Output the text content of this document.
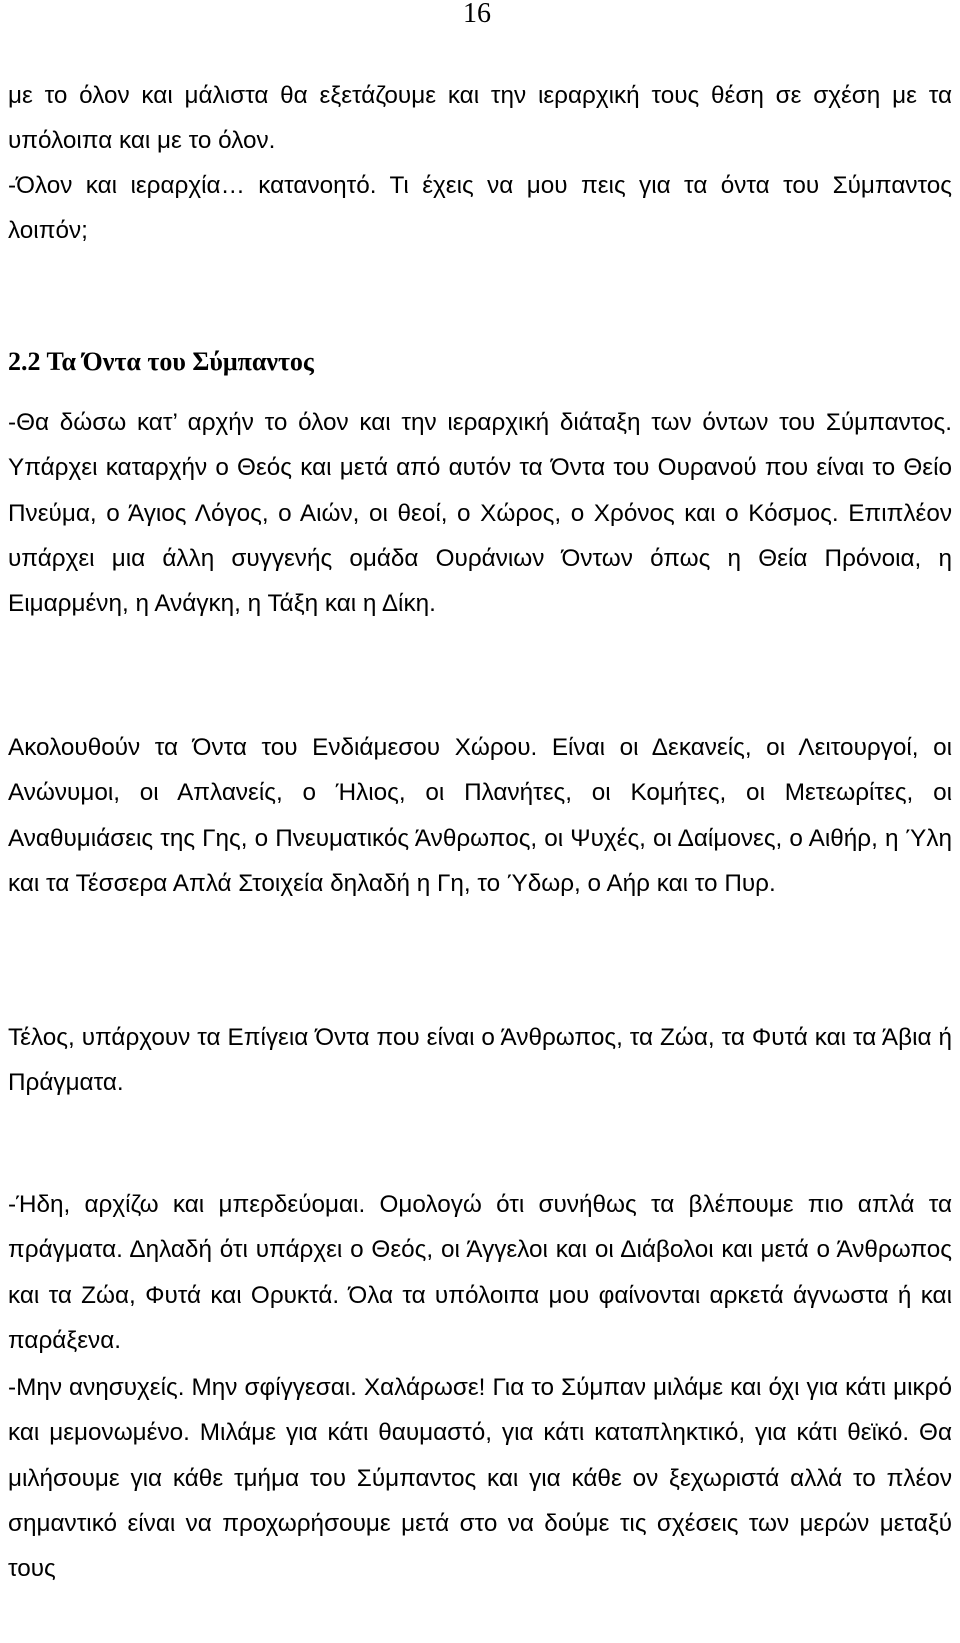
16

με το όλον και μάλιστα θα εξετάζουμε και την ιεραρχική τους θέση σε σχέση με τα υπόλοιπα και με το όλον.

-Όλον και ιεραρχία… κατανοητό. Τι έχεις να μου πεις για τα όντα του Σύμπαντος λοιπόν;

2.2 Τα Όντα του Σύμπαντος

-Θα δώσω κατ’ αρχήν το όλον και την ιεραρχική διάταξη των όντων του Σύμπαντος. Υπάρχει καταρχήν ο Θεός και μετά από αυτόν τα Όντα του Ουρανού που είναι το Θείο Πνεύμα, ο Άγιος Λόγος, ο Αιών, οι θεοί, ο Χώρος, ο Χρόνος και ο Κόσμος. Επιπλέον υπάρχει μια άλλη συγγενής ομάδα Ουράνιων Όντων όπως η Θεία Πρόνοια, η Ειμαρμένη, η Ανάγκη, η Τάξη και η Δίκη.

Ακολουθούν τα Όντα του Ενδιάμεσου Χώρου. Είναι οι Δεκανείς, οι Λειτουργοί, οι Ανώνυμοι, οι Απλανείς, ο Ήλιος, οι Πλανήτες, οι Κομήτες, οι Μετεωρίτες, οι Αναθυμιάσεις της Γης, ο Πνευματικός Άνθρωπος, οι Ψυχές, οι Δαίμονες, ο Αιθήρ, η Ύλη και τα Τέσσερα Απλά Στοιχεία δηλαδή η Γη, το Ύδωρ, ο Αήρ και το Πυρ.

Τέλος, υπάρχουν τα Επίγεια Όντα που είναι ο Άνθρωπος, τα Ζώα, τα Φυτά και τα Άβια ή Πράγματα.

-Ήδη, αρχίζω και μπερδεύομαι. Ομολογώ ότι συνήθως τα βλέπουμε πιο απλά τα πράγματα. Δηλαδή ότι υπάρχει ο Θεός, οι Άγγελοι και οι Διάβολοι και μετά ο Άνθρωπος και τα Ζώα, Φυτά και Ορυκτά. Όλα τα υπόλοιπα μου φαίνονται αρκετά άγνωστα ή και παράξενα.

-Μην ανησυχείς. Μην σφίγγεσαι. Χαλάρωσε! Για το Σύμπαν μιλάμε και όχι για κάτι μικρό και μεμονωμένο. Μιλάμε για κάτι θαυμαστό, για κάτι καταπληκτικό, για κάτι θεϊκό. Θα μιλήσουμε για κάθε τμήμα του Σύμπαντος και για κάθε ον ξεχωριστά αλλά το πλέον σημαντικό είναι να προχωρήσουμε μετά στο να δούμε τις σχέσεις των μερών μεταξύ τους
